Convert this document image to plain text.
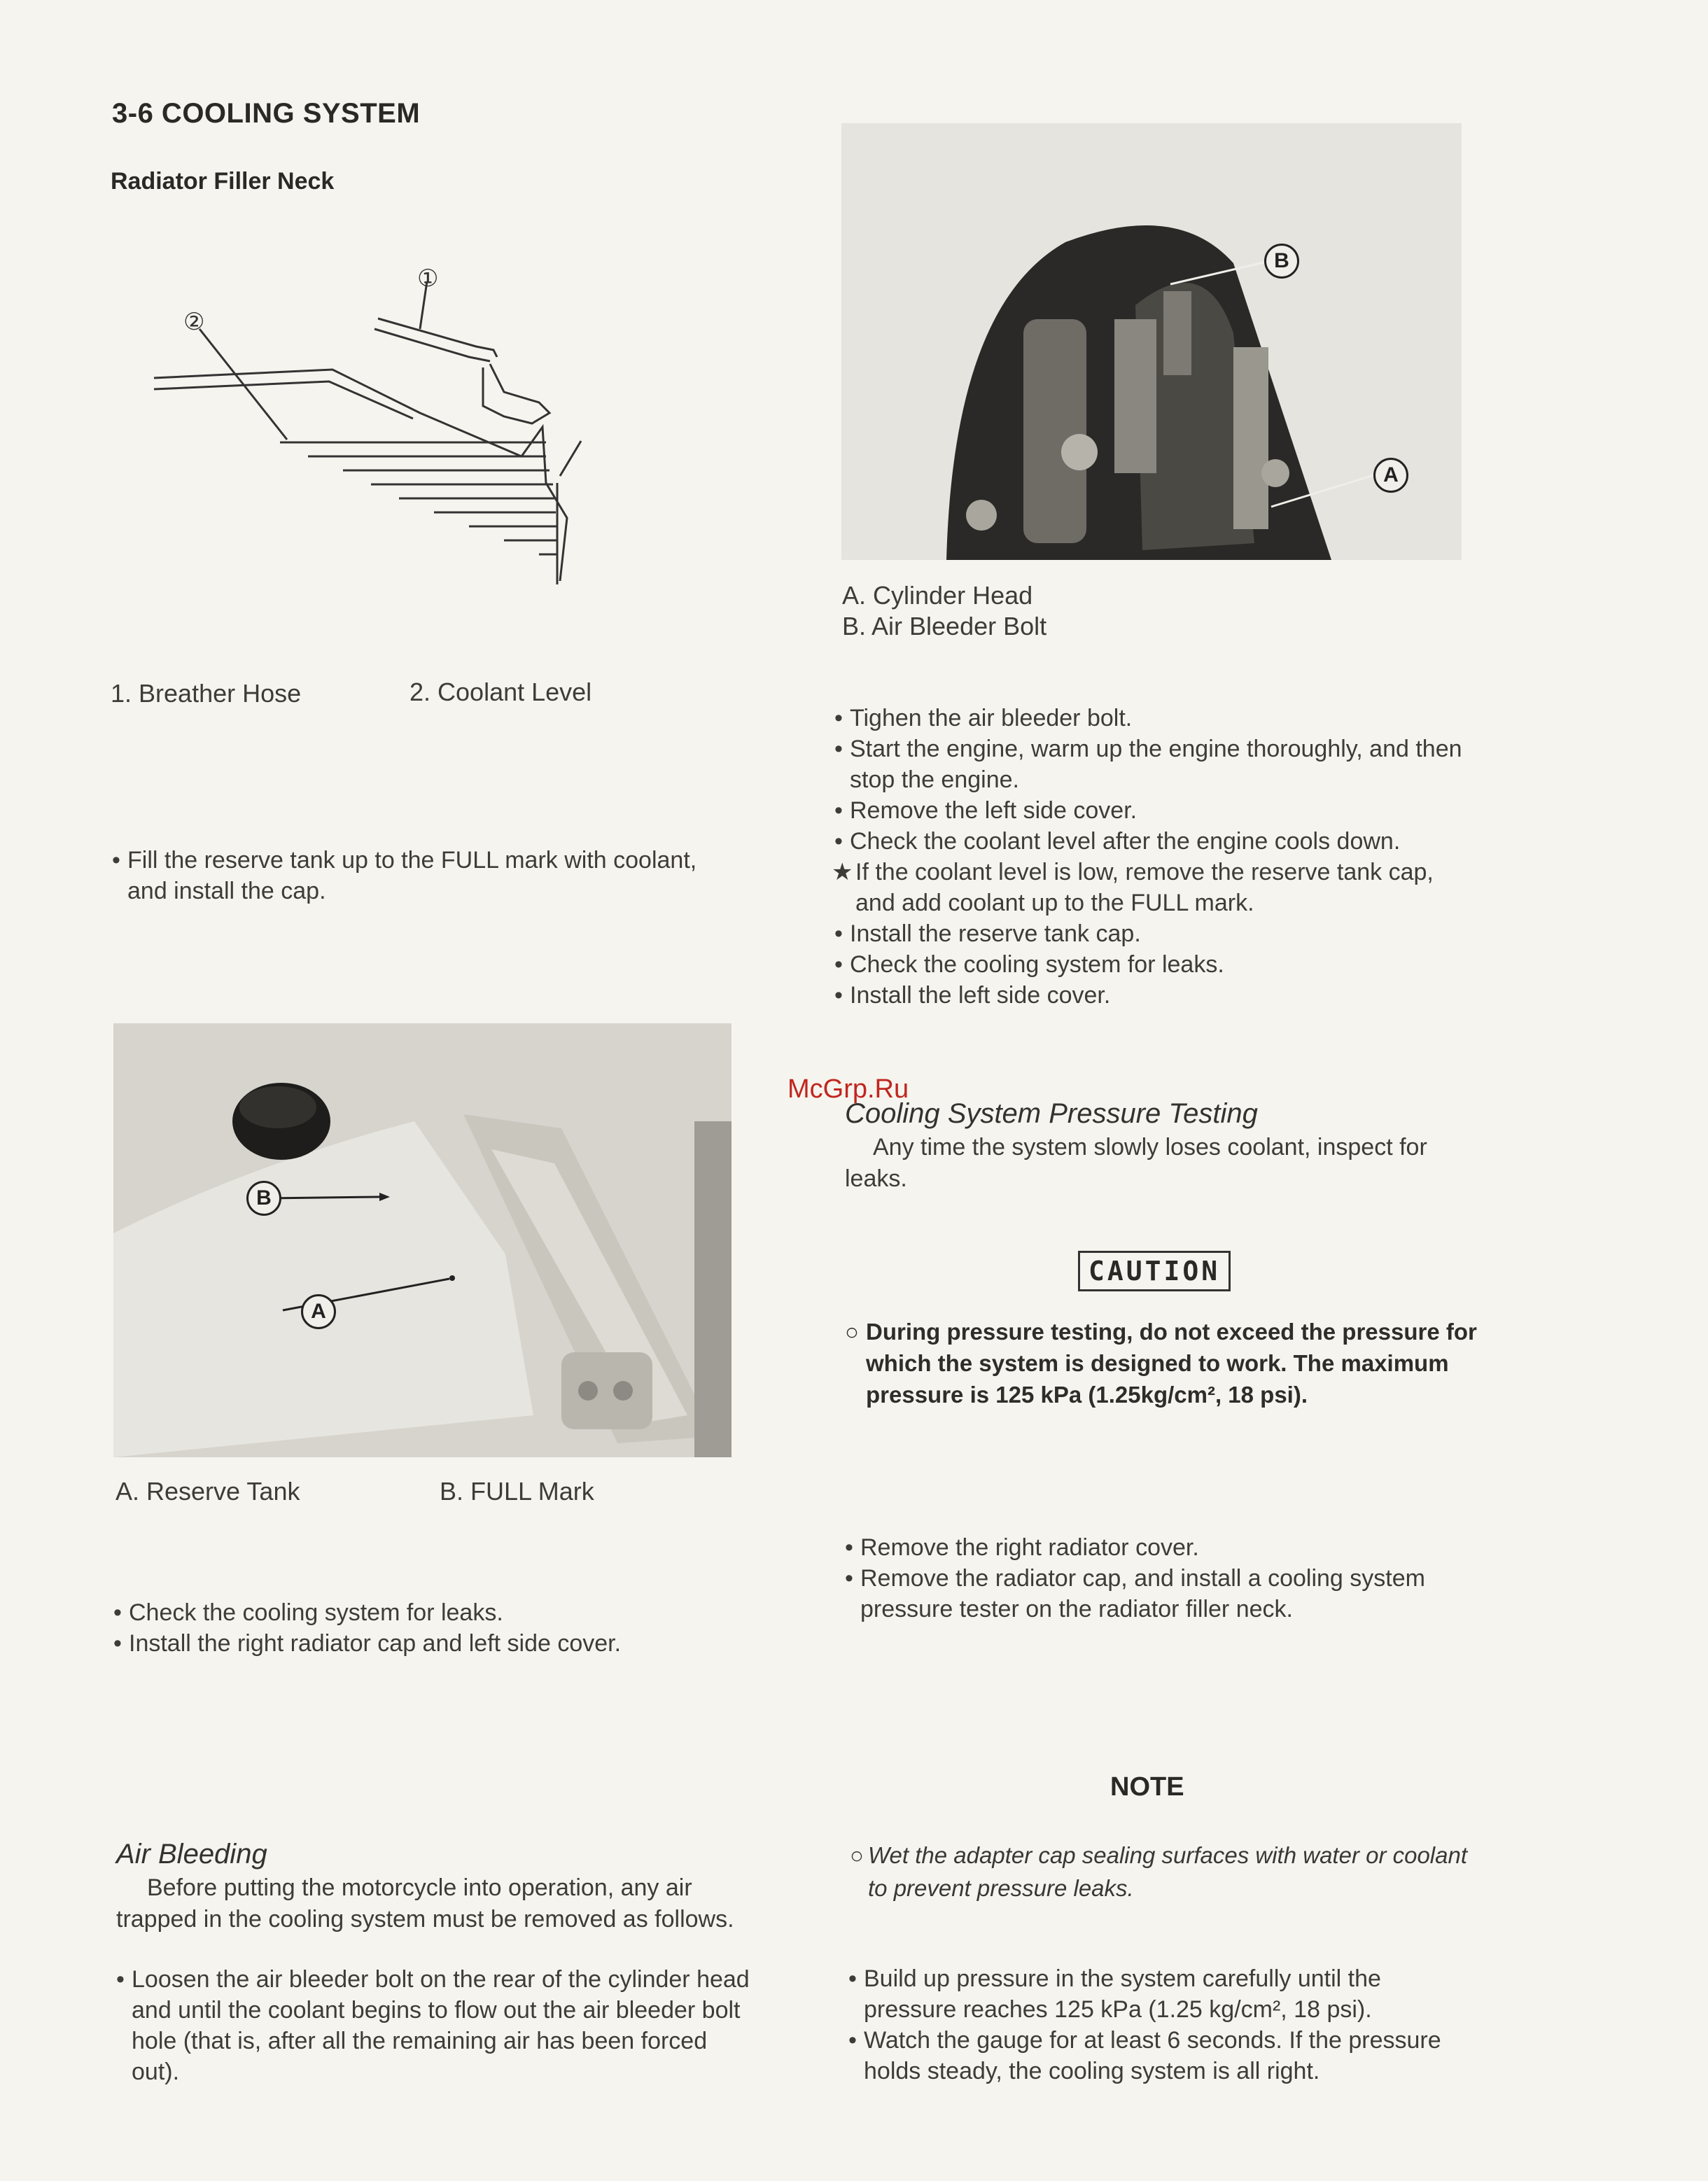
3-6 COOLING SYSTEM
Radiator Filler Neck
①
②
1. Breather Hose	2. Coolant Level
• Fill the reserve tank up to the FULL mark with coolant, and install the cap.
B
A
A. Reserve Tank	B. FULL Mark
• Check the cooling system for leaks.
• Install the right radiator cap and left side cover.
Air Bleeding
Before putting the motorcycle into operation, any air trapped in the cooling system must be removed as follows.
• Loosen the air bleeder bolt on the rear of the cylinder head and until the coolant begins to flow out the air bleeder bolt hole (that is, after all the remaining air has been forced out).
B
A
A. Cylinder Head
B. Air Bleeder Bolt
• Tighen the air bleeder bolt.
• Start the engine, warm up the engine thoroughly, and then stop the engine.
• Remove the left side cover.
• Check the coolant level after the engine cools down.
★ If the coolant level is low, remove the reserve tank cap, and add coolant up to the FULL mark.
• Install the reserve tank cap.
• Check the cooling system for leaks.
• Install the left side cover.
McGrp.Ru
Cooling System Pressure Testing
Any time the system slowly loses coolant, inspect for leaks.
CAUTION
○ During pressure testing, do not exceed the pressure for which the system is designed to work. The maximum pressure is 125 kPa (1.25kg/cm², 18 psi).
• Remove the right radiator cover.
• Remove the radiator cap, and install a cooling system pressure tester on the radiator filler neck.
NOTE
○ Wet the adapter cap sealing surfaces with water or coolant to prevent pressure leaks.
• Build up pressure in the system carefully until the pressure reaches 125 kPa (1.25 kg/cm², 18 psi).
• Watch the gauge for at least 6 seconds. If the pressure holds steady, the cooling system is all right.
